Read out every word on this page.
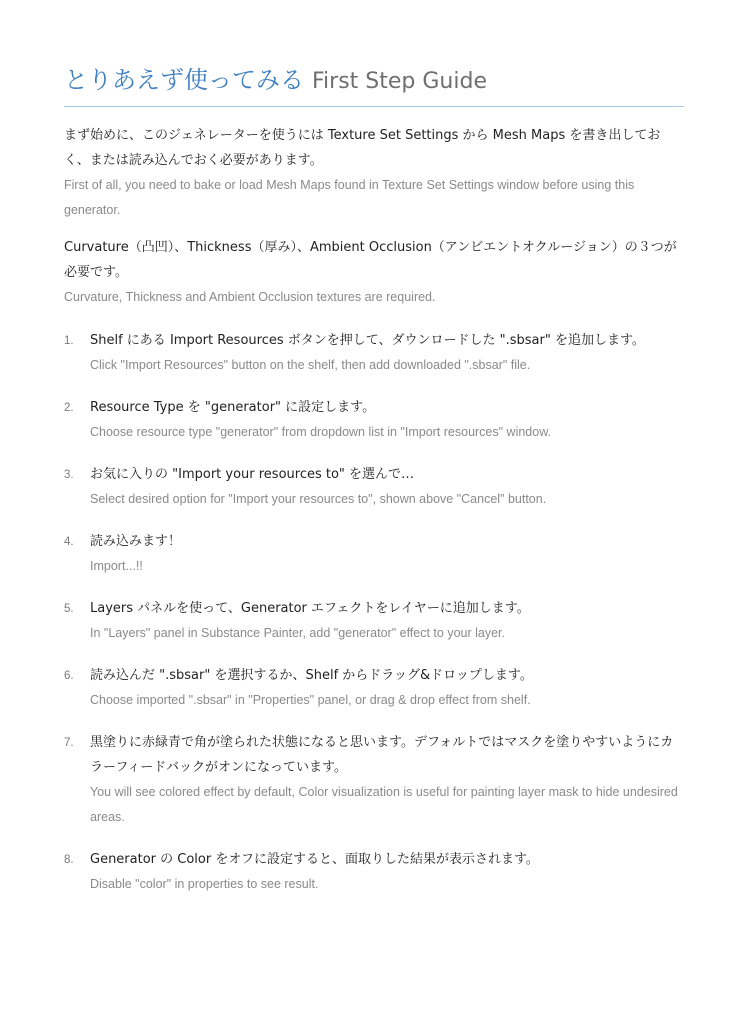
とりあえず使ってみる First Step Guide
まず始めに、このジェネレーターを使うには Texture Set Settings から Mesh Maps を書き出しておく、または読み込んでおく必要があります。
First of all, you need to bake or load Mesh Maps found in Texture Set Settings window before using this generator.
Curvature（凸凹）、Thickness（厚み）、Ambient Occlusion（アンビエントオクルージョン）の３つが必要です。
Curvature, Thickness and Ambient Occlusion textures are required.
1. Shelf にある Import Resources ボタンを押して、ダウンロードした ".sbsar" を追加します。
Click "Import Resources" button on the shelf, then add downloaded ".sbsar" file.
2. Resource Type を "generator" に設定します。
Choose resource type "generator" from dropdown list in "Import resources" window.
3. お気に入りの "Import your resources to" を選んで…
Select desired option for "Import your resources to", shown above "Cancel" button.
4. 読み込みます！
Import...!!
5. Layers パネルを使って、Generator エフェクトをレイヤーに追加します。
In "Layers" panel in Substance Painter, add "generator" effect to your layer.
6. 読み込んだ ".sbsar" を選択するか、Shelf からドラッグ&ドロップします。
Choose imported ".sbsar" in "Properties" panel, or drag & drop effect from shelf.
7. 黒塗りに赤緑青で角が塗られた状態になると思います。デフォルトではマスクを塗りやすいようにカラーフィードバックがオンになっています。
You will see colored effect by default, Color visualization is useful for painting layer mask to hide undesired areas.
8. Generator の Color をオフに設定すると、面取りした結果が表示されます。
Disable "color" in properties to see result.
